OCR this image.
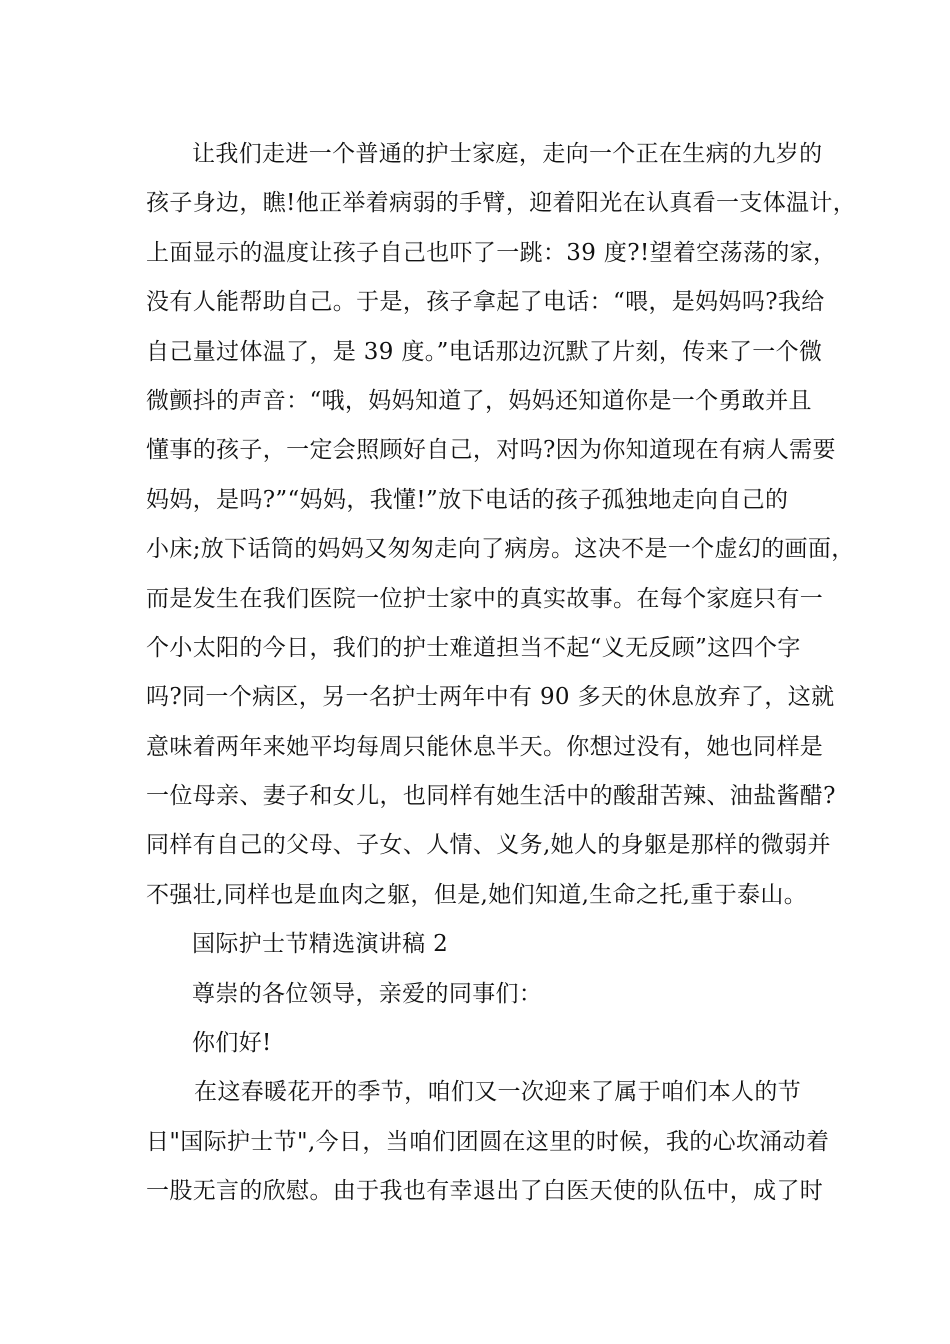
让我们走进一个普通的护士家庭，走向一个正在生病的九岁的
孩子身边，瞧!他正举着病弱的手臂，迎着阳光在认真看一支体温计，
上面显示的温度让孩子自己也吓了一跳：39 度?!望着空荡荡的家，
没有人能帮助自己。于是，孩子拿起了电话：“喂，是妈妈吗?我给
自己量过体温了，是 39 度。”电话那边沉默了片刻，传来了一个微
微颤抖的声音：“哦，妈妈知道了，妈妈还知道你是一个勇敢并且
懂事的孩子，一定会照顾好自己，对吗?因为你知道现在有病人需要
妈妈，是吗?”“妈妈，我懂!”放下电话的孩子孤独地走向自己的
小床;放下话筒的妈妈又匆匆走向了病房。这决不是一个虚幻的画面，
而是发生在我们医院一位护士家中的真实故事。在每个家庭只有一
个小太阳的今日，我们的护士难道担当不起“义无反顾”这四个字
吗?同一个病区，另一名护士两年中有 90 多天的休息放弃了，这就
意味着两年来她平均每周只能休息半天。你想过没有，她也同样是
一位母亲、妻子和女儿，也同样有她生活中的酸甜苦辣、油盐酱醋?
同样有自己的父母、子女、人情、义务,她人的身躯是那样的微弱并
不强壮,同样也是血肉之躯，但是,她们知道,生命之托,重于泰山。
国际护士节精选演讲稿 2
尊崇的各位领导，亲爱的同事们：
你们好!
在这春暖花开的季节，咱们又一次迎来了属于咱们本人的节
日"国际护士节",今日，当咱们团圆在这里的时候，我的心坎涌动着
一股无言的欣慰。由于我也有幸退出了白医天使的队伍中，成了时
